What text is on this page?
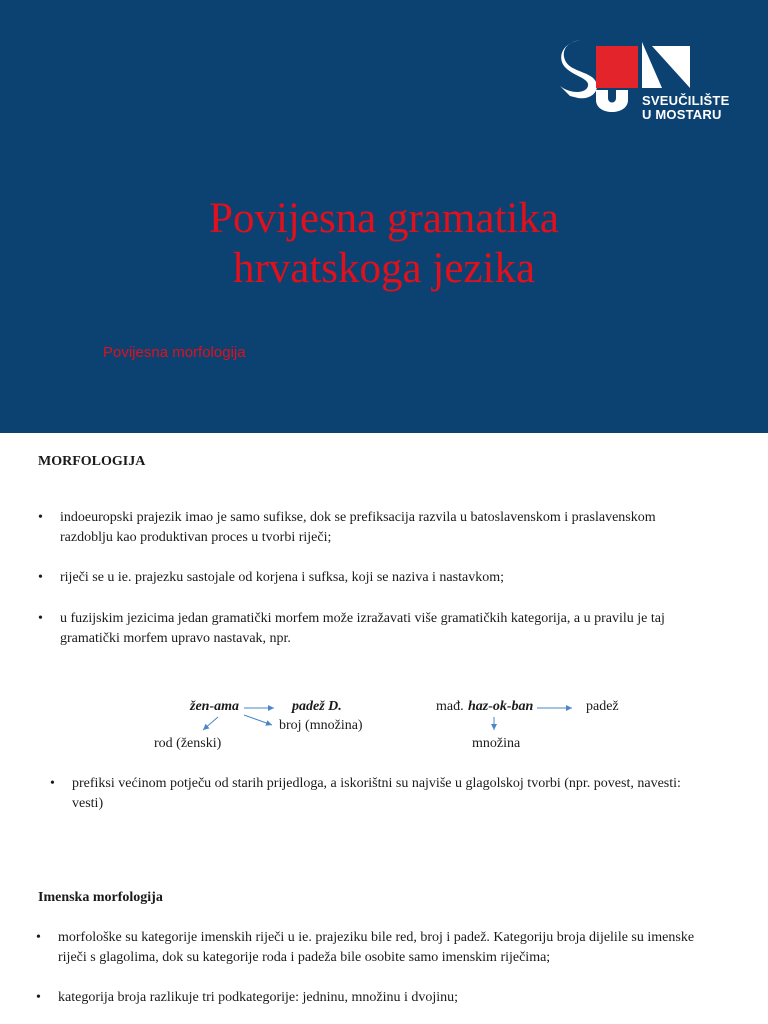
SVEUČILIŠTE
U MOSTARU
Povijesna gramatika
hrvatskoga jezika
Povijesna morfologija
MORFOLOGIJA
• indoeuropski prajezik imao je samo sufikse, dok se prefiksacija razvila u batoslavenskom i praslavenskom razdoblju kao produktivan proces u tvorbi riječi;
• riječi se u ie. prajezku sastojale od korjena i sufksa, koji se naziva i nastavkom;
• u fuzijskim jezicima jedan gramatički morfem može izražavati više gramatičkih kategorija, a u pravilu je taj gramatički morfem upravo nastavak, npr.
žen-ama	padež D.
broj (množina)
rod (ženski)
mađ. haz-ok-ban	padež
množina
• prefiksi većinom potječu od starih prijedloga, a iskorištni su najviše u glagolskoj tvorbi (npr. povest, navesti: vesti)
Imenska morfologija
• morfološke su kategorije imenskih riječi u ie. prajeziku bile red, broj i padež. Kategoriju broja dijelile su imenske riječi s glagolima, dok su kategorije roda i padeža bile osobite samo imenskim riječima;
• kategorija broja razlikuje tri podkategorije: jedninu, množinu i dvojinu;
